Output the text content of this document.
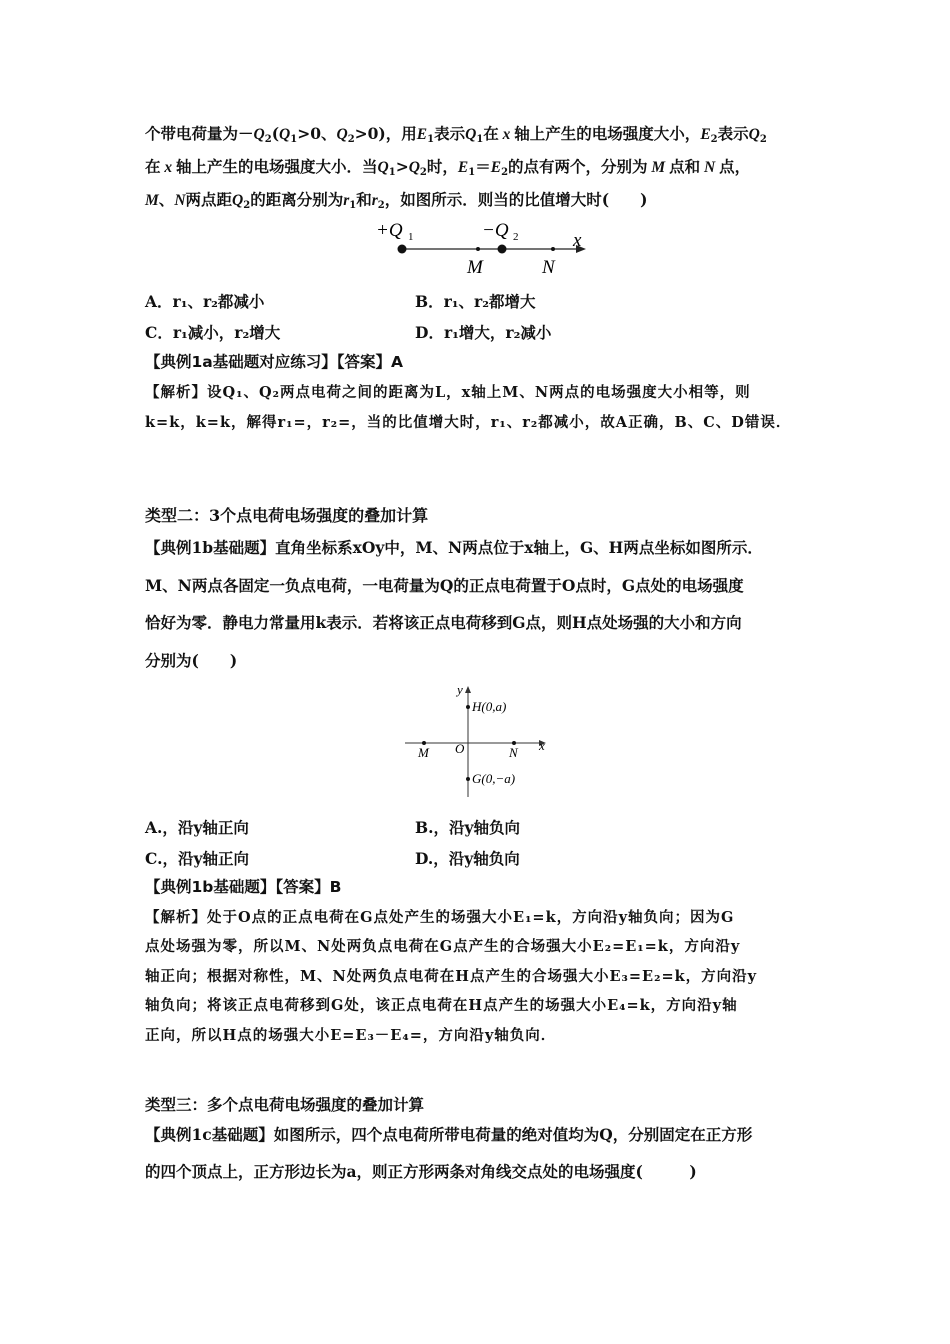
个带电荷量为$-Q_2(Q_1>0$、$Q_2>0$)，用$E_1$表示$Q_1$在 x 轴上产生的电场强度大小，$E_2$表示$Q_2$
在 x 轴上产生的电场强度大小．当$Q_1>Q_2$时，$E_1=E_2$的点有两个，分别为 M 点和 N 点，
M、N两点距$Q_2$的距离分别为$r_1$和$r_2$，如图所示．则当的比值增大时(　　)
+Q 1	−Q 2	x
M	N
A．r₁、r₂都减小	B．r₁、r₂都增大
C．r₁减小，r₂增大	D．r₁增大，r₂减小
【典例1a基础题对应练习】【答案】A
【解析】设Q₁、Q₂两点电荷之间的距离为L，x轴上M、N两点的电场强度大小相等，则
k=k，k=k，解得r₁=，r₂=，当的比值增大时，r₁、r₂都减小，故A正确，B、C、D错误．
类型二：3个点电荷电场强度的叠加计算
【典例1b基础题】直角坐标系xOy中，M、N两点位于x轴上，G、H两点坐标如图所示．
M、N两点各固定一负点电荷，一电荷量为Q的正点电荷置于O点时，G点处的电场强度
恰好为零．静电力常量用k表示．若将该正点电荷移到G点，则H点处场强的大小和方向
分别为(　　)
y
x
H(0,a)
G(0,−a)
M O	N
A.，沿y轴正向	B.，沿y轴负向
C.，沿y轴正向	D.，沿y轴负向
【典例1b基础题】【答案】B
【解析】处于O点的正点电荷在G点处产生的场强大小E₁=k，方向沿y轴负向；因为G
点处场强为零，所以M、N处两负点电荷在G点产生的合场强大小E₂=E₁=k，方向沿y
轴正向；根据对称性，M、N处两负点电荷在H点产生的合场强大小E₃=E₂=k，方向沿y
轴负向；将该正点电荷移到G处，该正点电荷在H点产生的场强大小E₄=k，方向沿y轴
正向，所以H点的场强大小E=E₃－E₄=，方向沿y轴负向．
类型三：多个点电荷电场强度的叠加计算
【典例1c基础题】如图所示，四个点电荷所带电荷量的绝对值均为Q，分别固定在正方形
的四个顶点上，正方形边长为a，则正方形两条对角线交点处的电场强度(　　　)
